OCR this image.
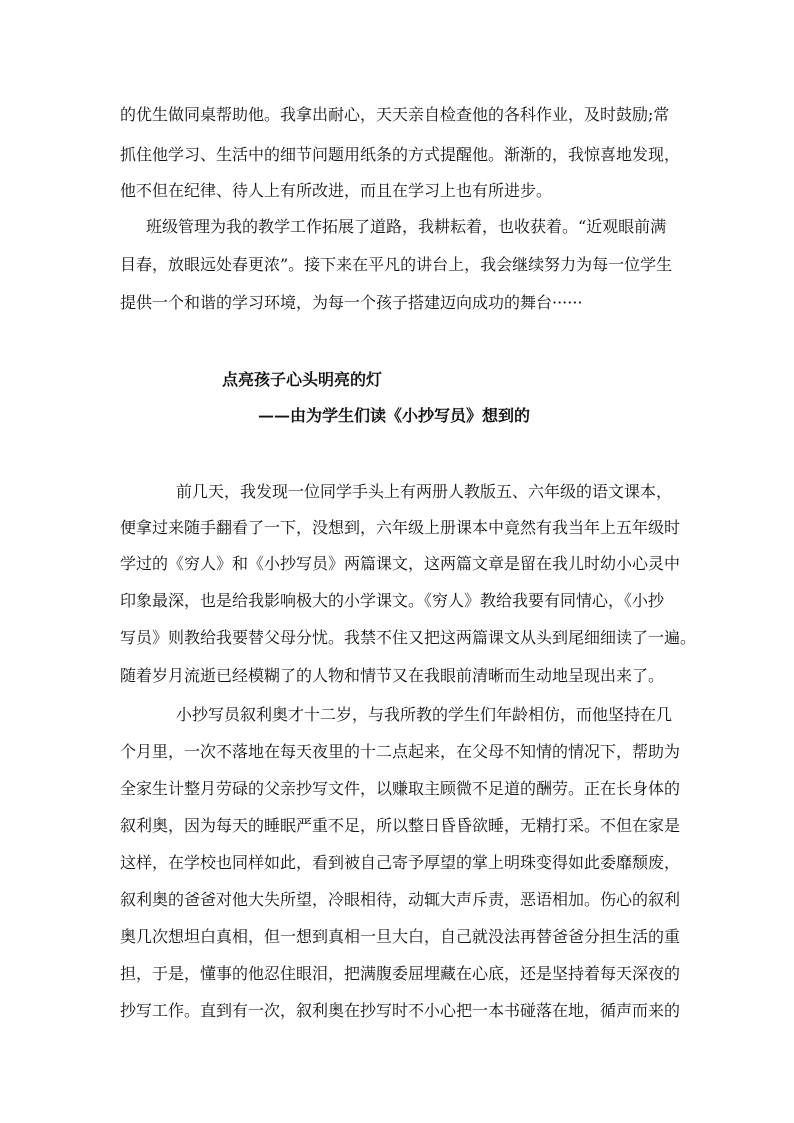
的优生做同桌帮助他。我拿出耐心，天天亲自检查他的各科作业，及时鼓励;常
抓住他学习、生活中的细节问题用纸条的方式提醒他。渐渐的，我惊喜地发现，
他不但在纪律、待人上有所改进，而且在学习上也有所进步。
班级管理为我的教学工作拓展了道路，我耕耘着，也收获着。“近观眼前满
目春，放眼远处春更浓”。接下来在平凡的讲台上，我会继续努力为每一位学生
提供一个和谐的学习环境，为每一个孩子搭建迈向成功的舞台······
点亮孩子心头明亮的灯
——由为学生们读《小抄写员》想到的
前几天，我发现一位同学手头上有两册人教版五、六年级的语文课本，
便拿过来随手翻看了一下，没想到，六年级上册课本中竟然有我当年上五年级时
学过的《穷人》和《小抄写员》两篇课文，这两篇文章是留在我儿时幼小心灵中
印象最深，也是给我影响极大的小学课文。《穷人》教给我要有同情心，《小抄
写员》则教给我要替父母分忧。我禁不住又把这两篇课文从头到尾细细读了一遍。
随着岁月流逝已经模糊了的人物和情节又在我眼前清晰而生动地呈现出来了。
小抄写员叙利奥才十二岁，与我所教的学生们年龄相仿，而他坚持在几
个月里，一次不落地在每天夜里的十二点起来，在父母不知情的情况下，帮助为
全家生计整月劳碌的父亲抄写文件，以赚取主顾微不足道的酬劳。正在长身体的
叙利奥，因为每天的睡眠严重不足，所以整日昏昏欲睡，无精打采。不但在家是
这样，在学校也同样如此，看到被自己寄予厚望的掌上明珠变得如此委靡颓废，
叙利奥的爸爸对他大失所望，冷眼相待，动辄大声斥责，恶语相加。伤心的叙利
奥几次想坦白真相，但一想到真相一旦大白，自己就没法再替爸爸分担生活的重
担，于是，懂事的他忍住眼泪，把满腹委屈埋藏在心底，还是坚持着每天深夜的
抄写工作。直到有一次，叙利奥在抄写时不小心把一本书碰落在地，循声而来的
